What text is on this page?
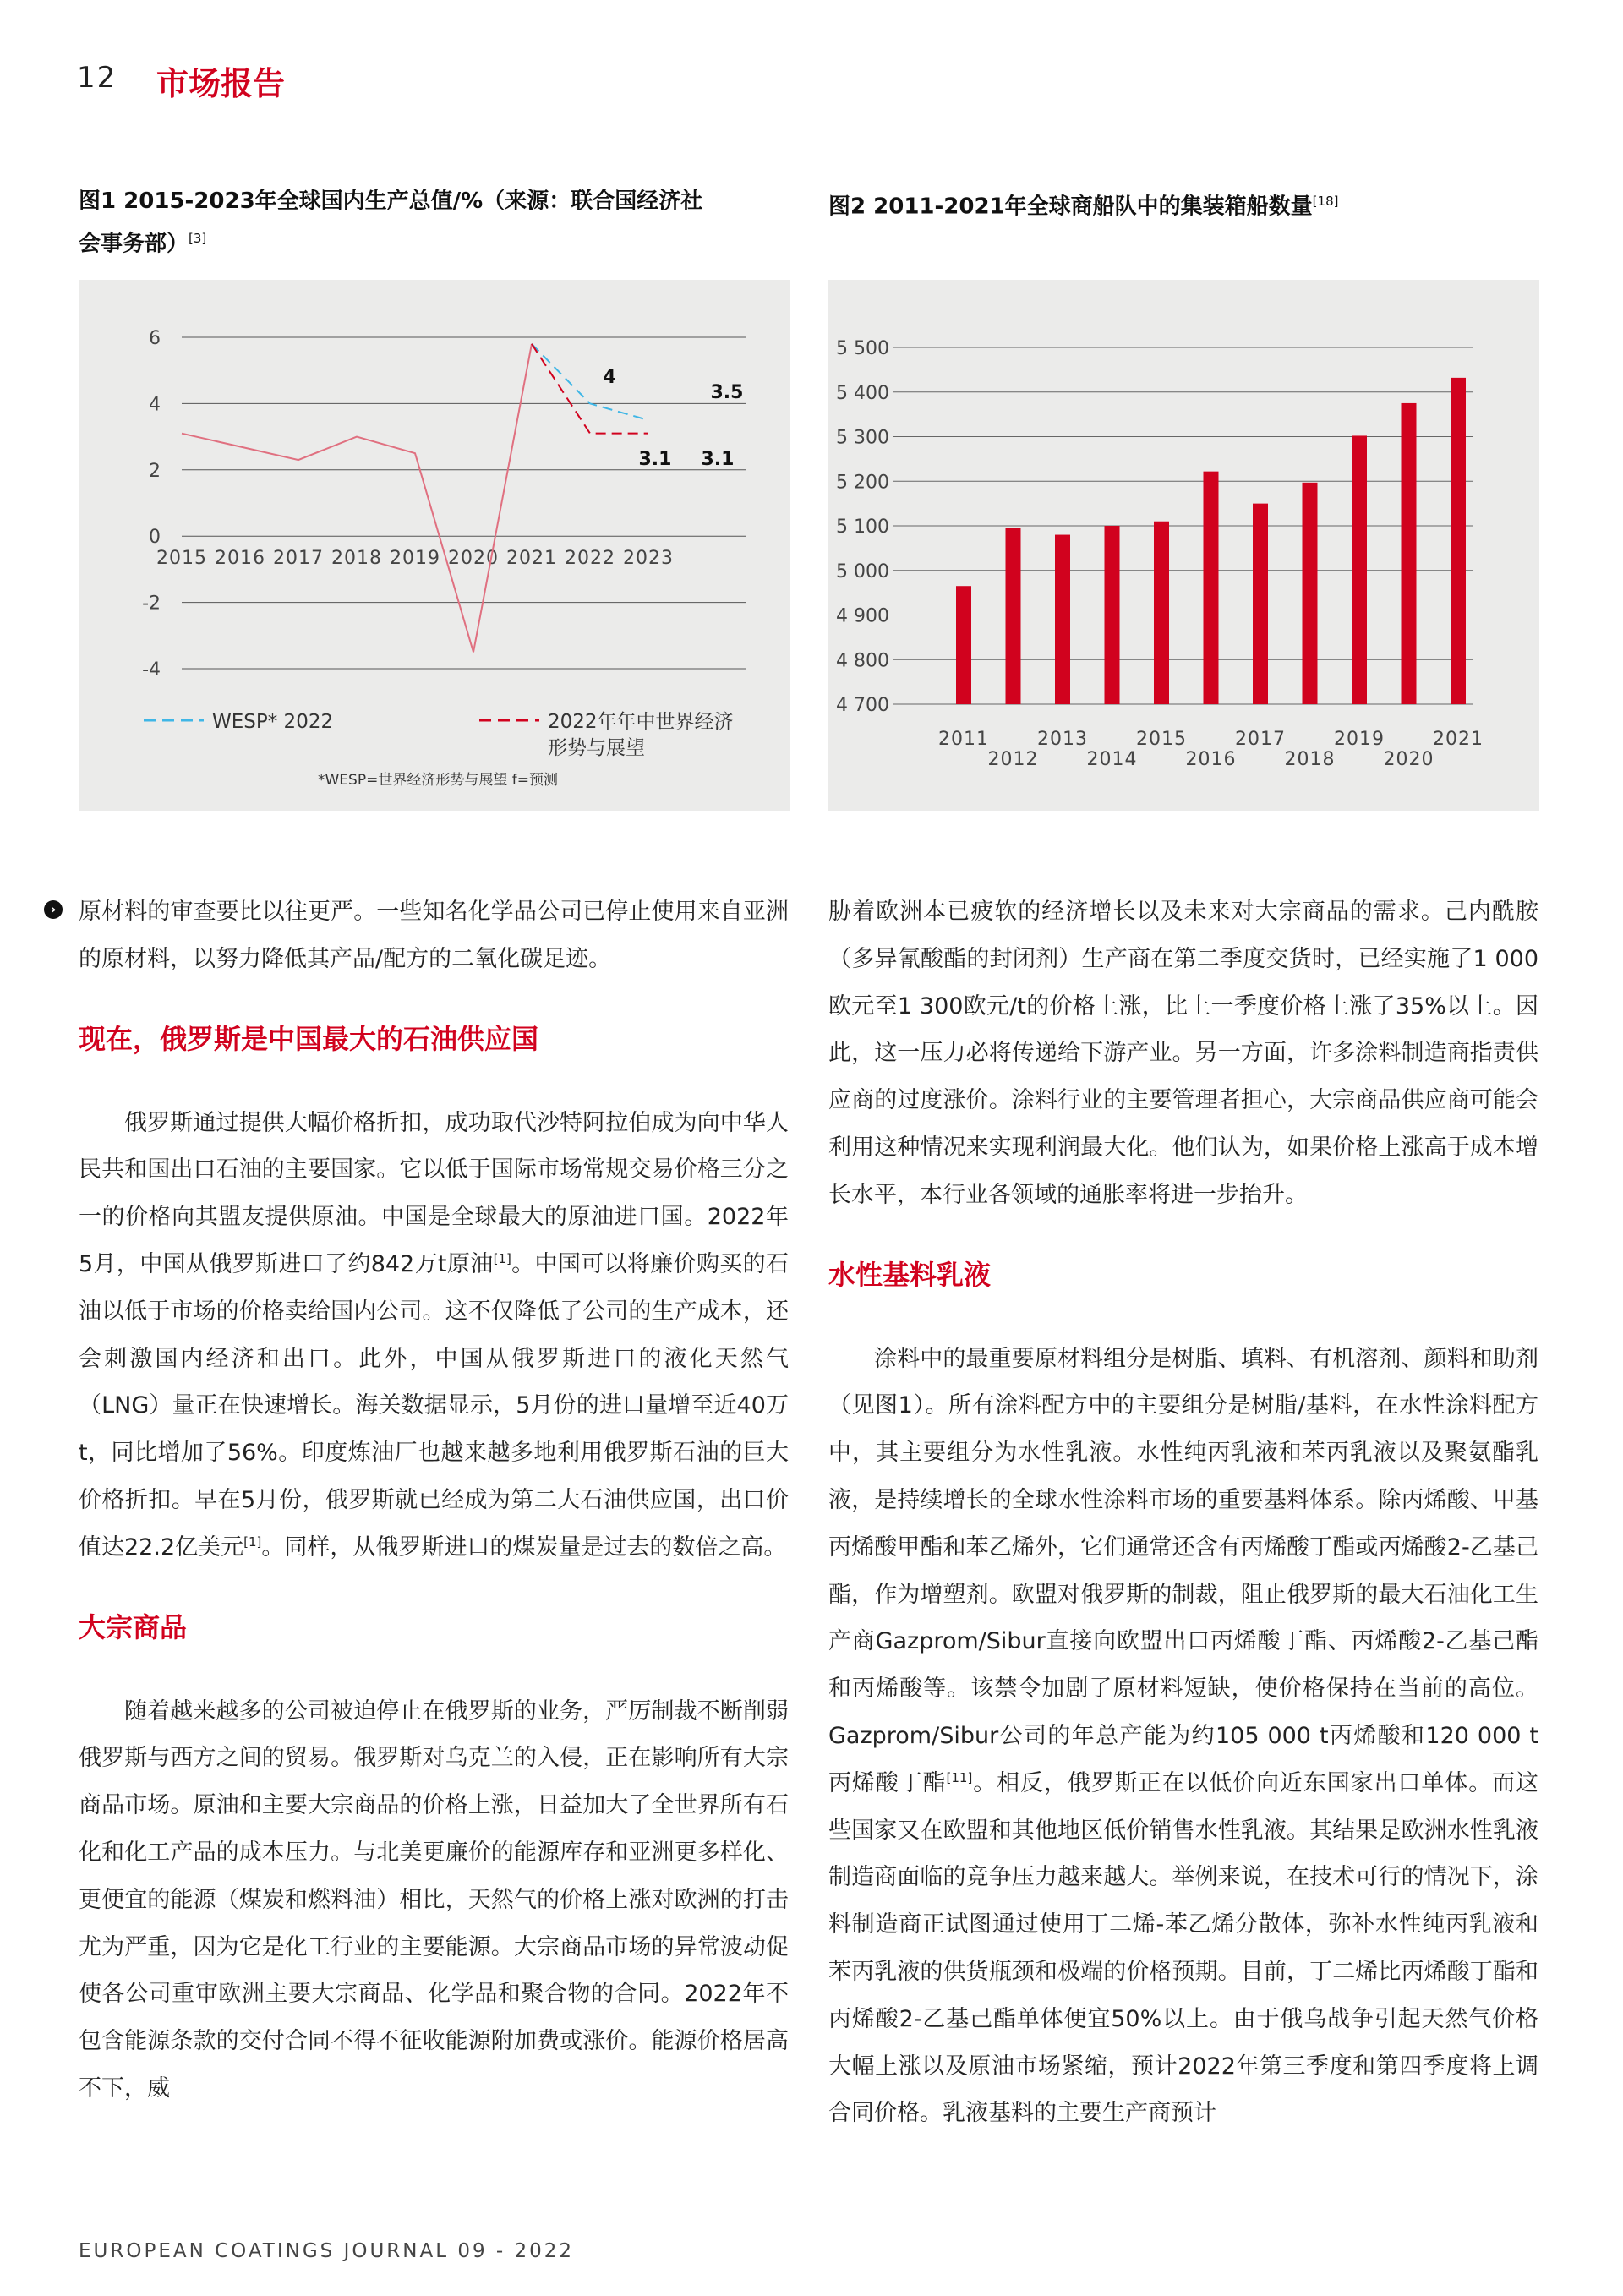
12 市场报告
图1 2015-2023年全球国内生产总值/%（来源：联合国经济社
会事务部）[3]
6
4
2
0
-2
-4
2015 2016 2017 2018 2019 2020 2021 2022 2023
4
3.5
3.1 3.1
WESP* 2022	2022年年中世界经济
形势与展望
*WESP=世界经济形势与展望 f=预测
图2 2011-2021年全球商船队中的集装箱船数量[18]
5 500
5 400
5 300
5 200
5 100
5 000
4 900
4 800
4 700
2011
2012
2013
2014
2015
2016
2017
2018
2019
2020
2021
› 原材料的审查要比以往更严。一些知名化学品公司已停止使用来自亚洲的原材料，以努力降低其产品/配方的二氧化碳足迹。

现在，俄罗斯是中国最大的石油供应国

俄罗斯通过提供大幅价格折扣，成功取代沙特阿拉伯成为向中华人民共和国出口石油的主要国家。它以低于国际市场常规交易价格三分之一的价格向其盟友提供原油。中国是全球最大的原油进口国。2022年5月，中国从俄罗斯进口了约842万t原油[1]。中国可以将廉价购买的石油以低于市场的价格卖给国内公司。这不仅降低了公司的生产成本，还会刺激国内经济和出口。此外，中国从俄罗斯进口的液化天然气（LNG）量正在快速增长。海关数据显示，5月份的进口量增至近40万t，同比增加了56%。印度炼油厂也越来越多地利用俄罗斯石油的巨大价格折扣。早在5月份，俄罗斯就已经成为第二大石油供应国，出口价值达22.2亿美元[1]。同样，从俄罗斯进口的煤炭量是过去的数倍之高。

大宗商品

随着越来越多的公司被迫停止在俄罗斯的业务，严厉制裁不断削弱俄罗斯与西方之间的贸易。俄罗斯对乌克兰的入侵，正在影响所有大宗商品市场。原油和主要大宗商品的价格上涨，日益加大了全世界所有石化和化工产品的成本压力。与北美更廉价的能源库存和亚洲更多样化、更便宜的能源（煤炭和燃料油）相比，天然气的价格上涨对欧洲的打击尤为严重，因为它是化工行业的主要能源。大宗商品市场的异常波动促使各公司重审欧洲主要大宗商品、化学品和聚合物的合同。2022年不包含能源条款的交付合同不得不征收能源附加费或涨价。能源价格居高不下，威

胁着欧洲本已疲软的经济增长以及未来对大宗商品的需求。己内酰胺（多异氰酸酯的封闭剂）生产商在第二季度交货时，已经实施了1 000欧元至1 300欧元/t的价格上涨，比上一季度价格上涨了35%以上。因此，这一压力必将传递给下游产业。另一方面，许多涂料制造商指责供应商的过度涨价。涂料行业的主要管理者担心，大宗商品供应商可能会利用这种情况来实现利润最大化。他们认为，如果价格上涨高于成本增长水平，本行业各领域的通胀率将进一步抬升。

水性基料乳液

涂料中的最重要原材料组分是树脂、填料、有机溶剂、颜料和助剂（见图1）。所有涂料配方中的主要组分是树脂/基料，在水性涂料配方中，其主要组分为水性乳液。水性纯丙乳液和苯丙乳液以及聚氨酯乳液，是持续增长的全球水性涂料市场的重要基料体系。除丙烯酸、甲基丙烯酸甲酯和苯乙烯外，它们通常还含有丙烯酸丁酯或丙烯酸2-乙基己酯，作为增塑剂。欧盟对俄罗斯的制裁，阻止俄罗斯的最大石油化工生产商Gazprom/Sibur直接向欧盟出口丙烯酸丁酯、丙烯酸2-乙基己酯和丙烯酸等。该禁令加剧了原材料短缺，使价格保持在当前的高位。Gazprom/Sibur公司的年总产能为约105 000 t丙烯酸和120 000 t丙烯酸丁酯[11]。相反，俄罗斯正在以低价向近东国家出口单体。而这些国家又在欧盟和其他地区低价销售水性乳液。其结果是欧洲水性乳液制造商面临的竞争压力越来越大。举例来说，在技术可行的情况下，涂料制造商正试图通过使用丁二烯-苯乙烯分散体，弥补水性纯丙乳液和苯丙乳液的供货瓶颈和极端的价格预期。目前，丁二烯比丙烯酸丁酯和丙烯酸2-乙基己酯单体便宜50%以上。由于俄乌战争引起天然气价格大幅上涨以及原油市场紧缩，预计2022年第三季度和第四季度将上调合同价格。乳液基料的主要生产商预计

EUROPEAN COATINGS JOURNAL 09 - 2022
